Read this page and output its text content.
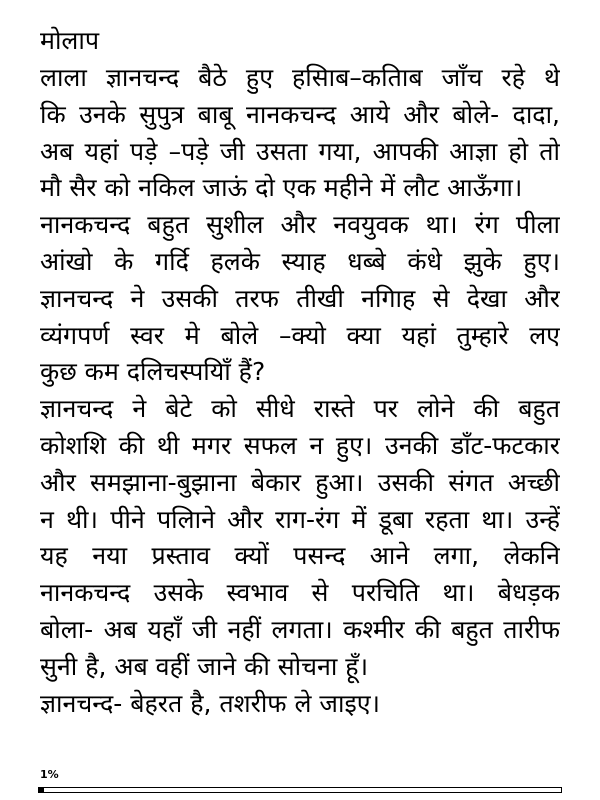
मोलाप
लाला ज्ञानचन्द बैठे हुए हसिाब–कतिाब जाँच रहे थे
कि उनके सुपुत्र बाबू नानकचन्द आये और बोले- दादा,
अब यहां पड़े –पड़े जी उसता गया, आपकी आज्ञा हो तो
मौ सैर को नकिल जाऊं दो एक महीने में लौट आऊँगा।
नानकचन्द बहुत सुशील और नवयुवक था। रंग पीला
आंखो के गर्दि हलके स्याह धब्बे कंधे झुके हुए।
ज्ञानचन्द ने उसकी तरफ तीखी नगिाह से देखा और
व्यंगपर्ण स्वर मे बोले –क्यो क्या यहां तुम्हारे लए
कुछ कम दलिचस्पयिाँ हैं?
ज्ञानचन्द ने बेटे को सीधे रास्ते पर लोने की बहुत
कोशशि की थी मगर सफल न हुए। उनकी डाँट-फटकार
और समझाना-बुझाना बेकार हुआ। उसकी संगत अच्छी
न थी। पीने पलिाने और राग-रंग में डूबा रहता था। उन्हें
यह नया प्रस्ताव क्यों पसन्द आने लगा, लेकनि
नानकचन्द उसके स्वभाव से परचिति था। बेधड़क
बोला- अब यहाँ जी नहीं लगता। कश्मीर की बहुत तारीफ
सुनी है, अब वहीं जाने की सोचना हूँ।
ज्ञानचन्द- बेहरत है, तशरीफ ले जाइए।
1%
